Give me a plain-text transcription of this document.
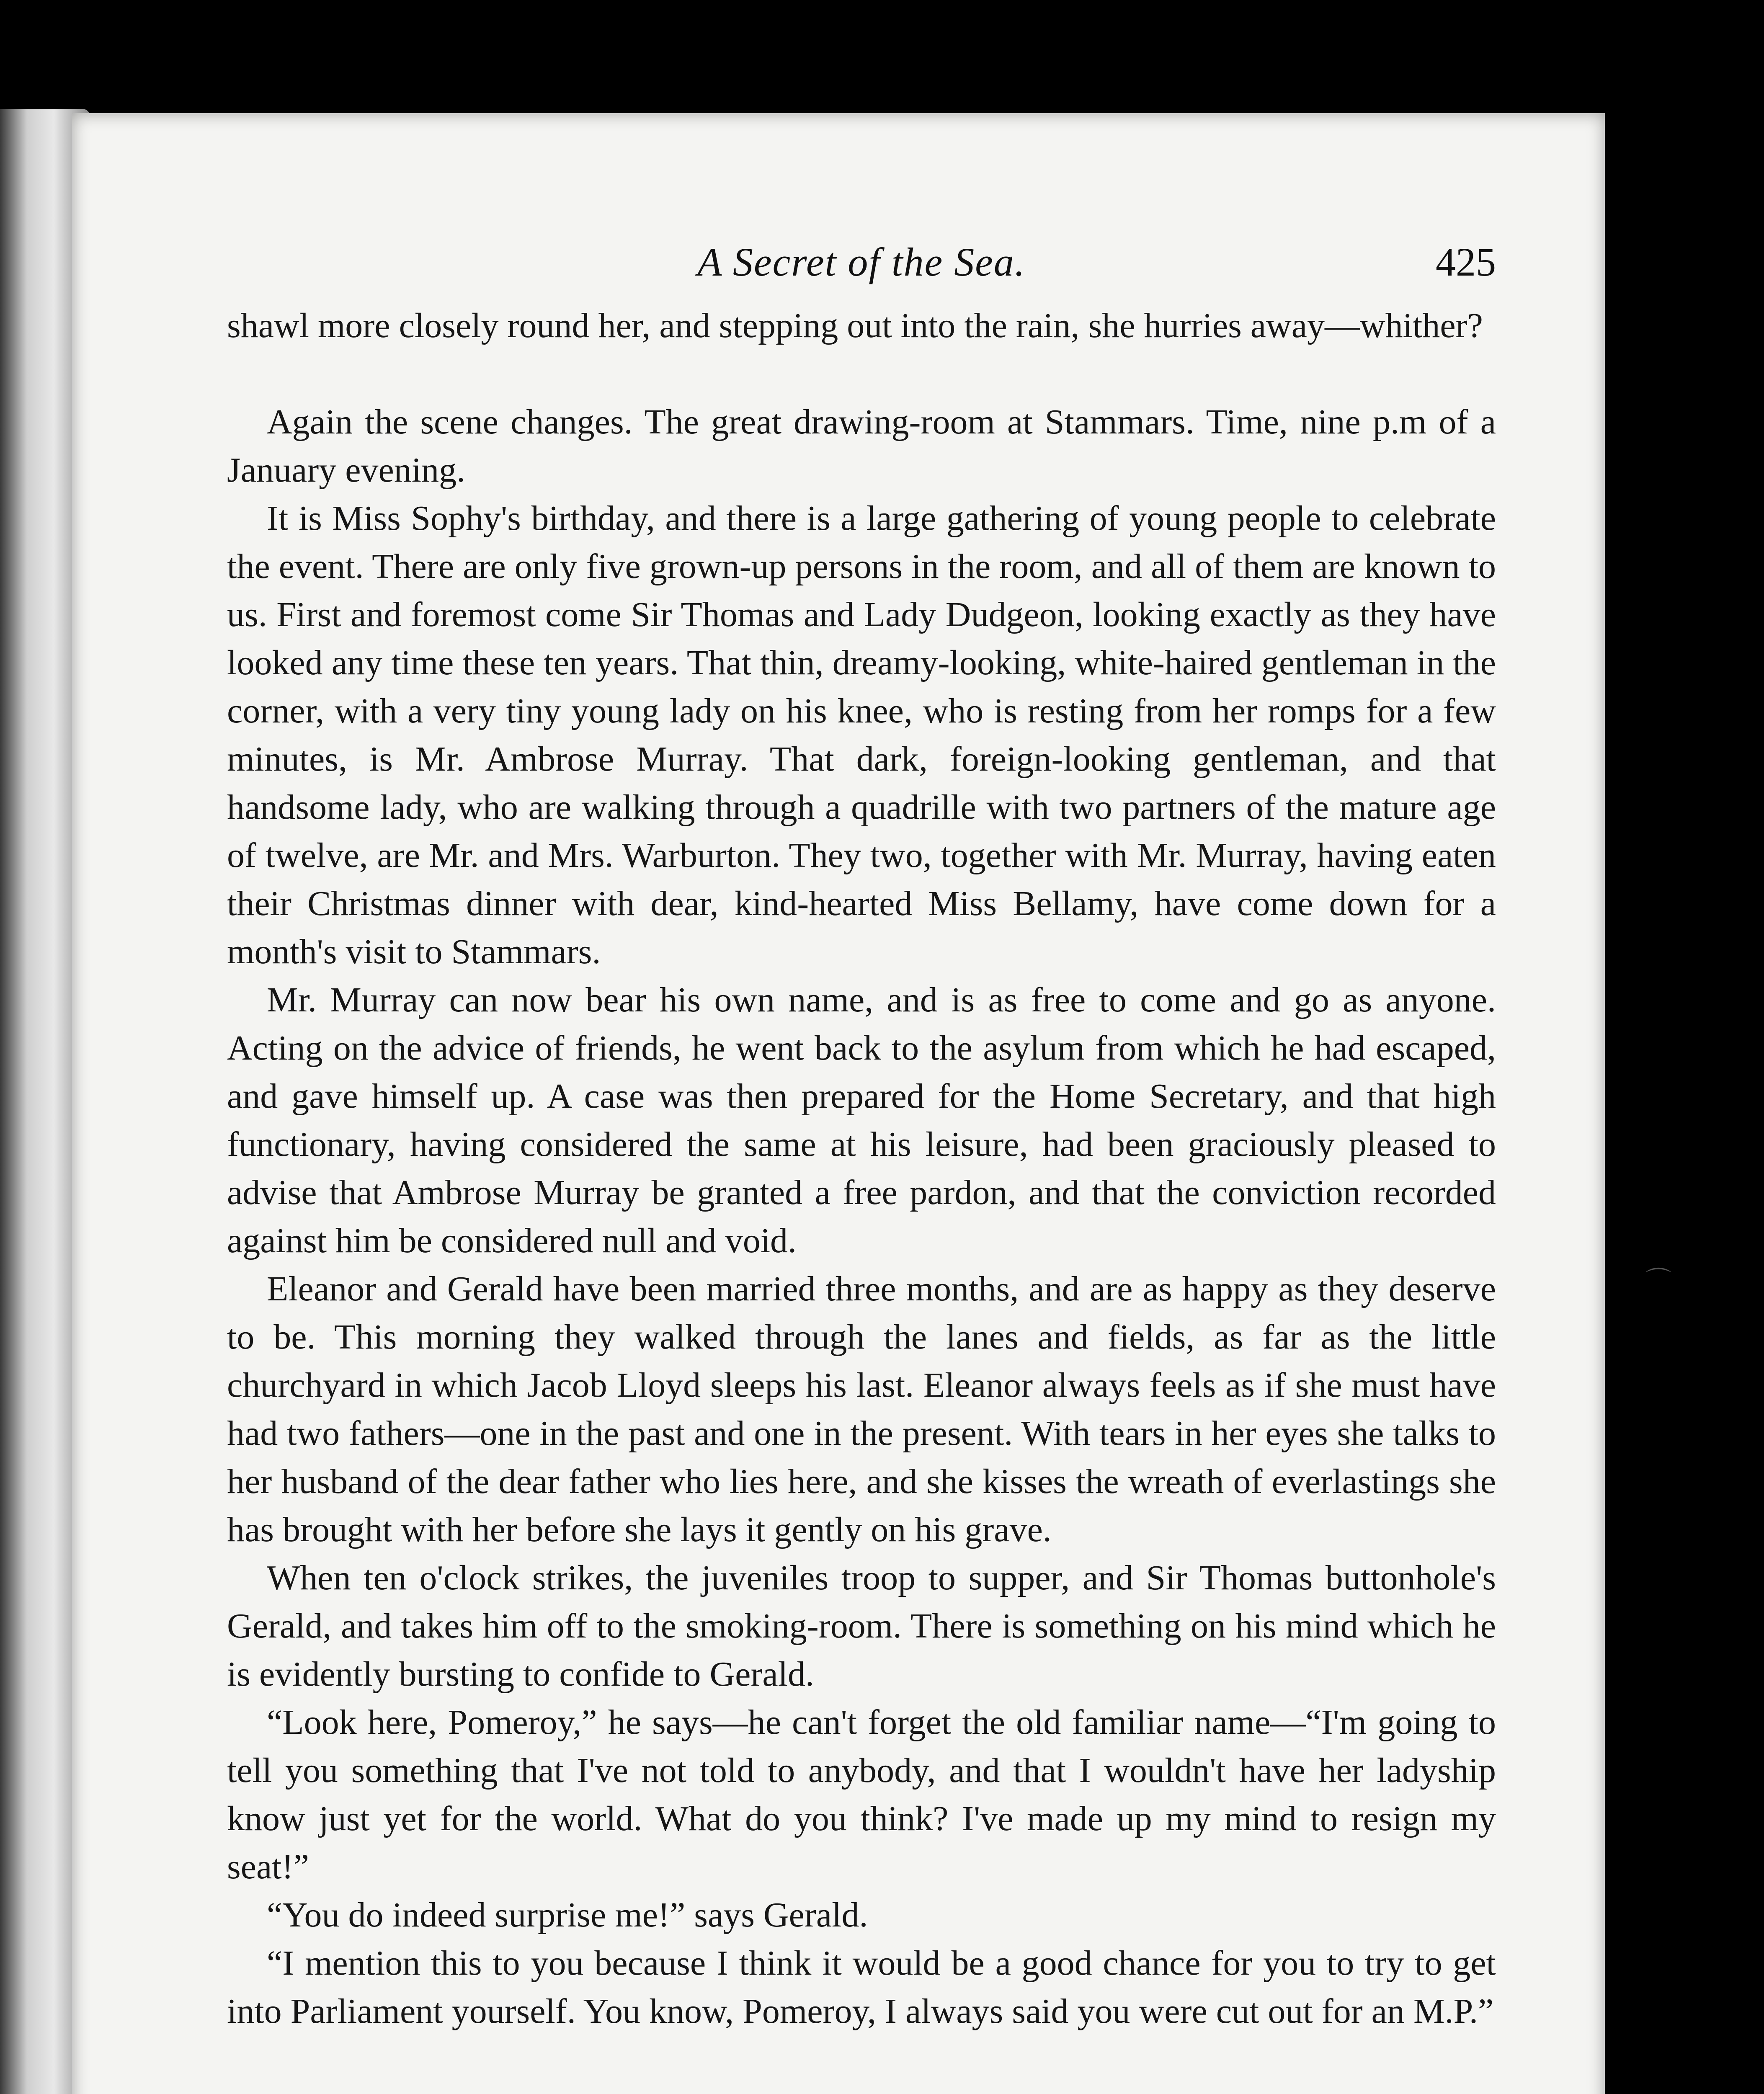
A Secret of the Sea.	425

shawl more closely round her, and stepping out into the rain, she hurries away—whither?

Again the scene changes. The great drawing-room at Stammars. Time, nine p.m of a January evening.

It is Miss Sophy's birthday, and there is a large gathering of young people to celebrate the event. There are only five grown-up persons in the room, and all of them are known to us. First and foremost come Sir Thomas and Lady Dudgeon, looking exactly as they have looked any time these ten years. That thin, dreamy-looking, white-haired gentleman in the corner, with a very tiny young lady on his knee, who is resting from her romps for a few minutes, is Mr. Ambrose Murray. That dark, foreign-looking gentleman, and that handsome lady, who are walking through a quadrille with two partners of the mature age of twelve, are Mr. and Mrs. Warburton. They two, together with Mr. Murray, having eaten their Christmas dinner with dear, kind-hearted Miss Bellamy, have come down for a month's visit to Stammars.

Mr. Murray can now bear his own name, and is as free to come and go as anyone. Acting on the advice of friends, he went back to the asylum from which he had escaped, and gave himself up. A case was then prepared for the Home Secretary, and that high functionary, having considered the same at his leisure, had been graciously pleased to advise that Ambrose Murray be granted a free pardon, and that the conviction recorded against him be considered null and void.

Eleanor and Gerald have been married three months, and are as happy as they deserve to be. This morning they walked through the lanes and fields, as far as the little churchyard in which Jacob Lloyd sleeps his last. Eleanor always feels as if she must have had two fathers—one in the past and one in the present. With tears in her eyes she talks to her husband of the dear father who lies here, and she kisses the wreath of everlastings she has brought with her before she lays it gently on his grave.

When ten o'clock strikes, the juveniles troop to supper, and Sir Thomas buttonhole's Gerald, and takes him off to the smoking-room. There is something on his mind which he is evidently bursting to confide to Gerald.

“Look here, Pomeroy,” he says—he can't forget the old familiar name—“I'm going to tell you something that I've not told to anybody, and that I wouldn't have her ladyship know just yet for the world. What do you think? I've made up my mind to resign my seat!”

“You do indeed surprise me!” says Gerald.

“I mention this to you because I think it would be a good chance for you to try to get into Parliament yourself. You know, Pomeroy, I always said you were cut out for an M.P.”

⌒
